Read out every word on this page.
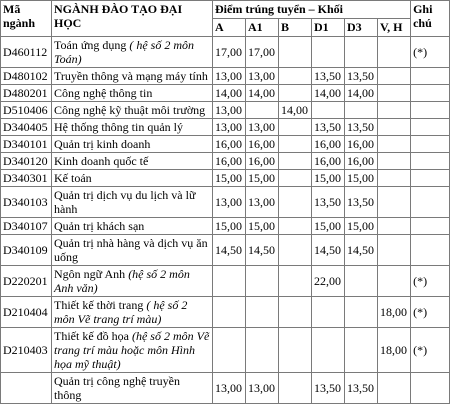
Mã ngành	NGÀNH ĐÀO TẠO ĐẠI HỌC	Điểm trúng tuyển – Khối						Ghi chú
		A	A1	B	D1	D3	V, H	
D460112	Toán ứng dụng ( hệ số 2 môn Toán)	17,00	17,00					(*)
D480102	Truyền thông và mạng máy tính	13,00	13,00		13,50	13,50		
D480201	Công nghệ thông tin	14,00	14,00		14,00	14,00		
D510406	Công nghệ kỹ thuật môi trường	13,00		14,00				
D340405	Hệ thống thông tin quản lý	13,00	13,00		13,50	13,50		
D340101	Quản trị kinh doanh	16,00	16,00		16,00	16,00		
D340120	Kinh doanh quốc tế	16,00	16,00		16,00	16,00		
D340301	Kế toán	15,00	15,00		15,00	15,00		
D340103	Quản trị dịch vụ du lịch và lữ hành	13,00	13,00		13,50	13,50		
D340107	Quản trị khách sạn	15,00	15,00		15,00	15,00		
D340109	Quản trị nhà hàng và dịch vụ ăn uống	14,50	14,50		14,50	14,50		
D220201	Ngôn ngữ Anh (hệ số 2 môn Anh văn)				22,00			(*)
D210404	Thiết kế thời trang ( hệ số 2 môn Vẽ trang trí màu)						18,00	(*)
D210403	Thiết kế đồ họa (hệ số 2 môn Vẽ trang trí màu hoặc môn Hình họa mỹ thuật)						18,00	(*)
	Quản trị công nghệ truyền thông	13,00	13,00		13,50	13,50		
